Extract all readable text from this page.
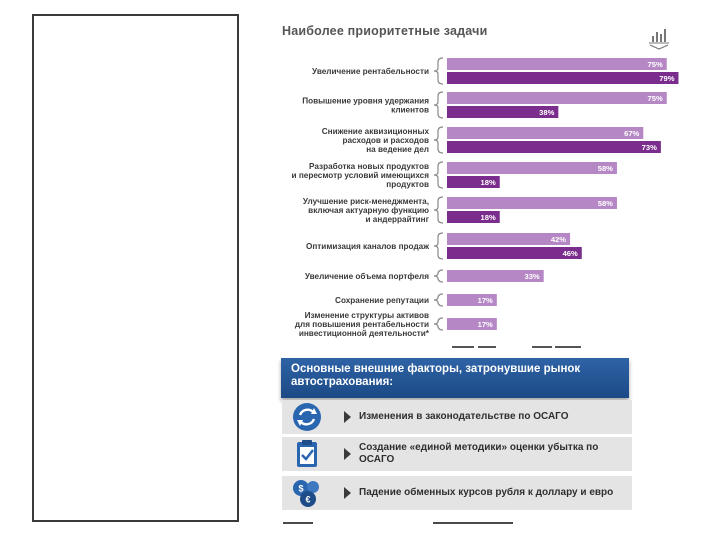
Наиболее приоритетные задачи
Увеличение рентабельности
75%
79%
Повышение уровня удержания
клиентов
75%
38%
Снижение аквизиционных
расходов и расходов
на ведение дел
67%
73%
Разработка новых продуктов
и пересмотр условий имеющихся
продуктов
58%
18%
Улучшение риск-менеджмента,
включая актуарную функцию
и андеррайтинг
58%
18%
Оптимизация каналов продаж
42%
46%
Увеличение объема портфеля	33%
Сохранение репутации	17%
Изменение структуры активов
для повышения рентабельности
инвестиционной деятельности*
17%
Основные внешние факторы, затронувшие рынок автострахования:
Изменения в законодательстве по ОСАГО
Создание «единой методики» оценки убытка по ОСАГО
$
€
Падение обменных курсов рубля к доллару и евро
